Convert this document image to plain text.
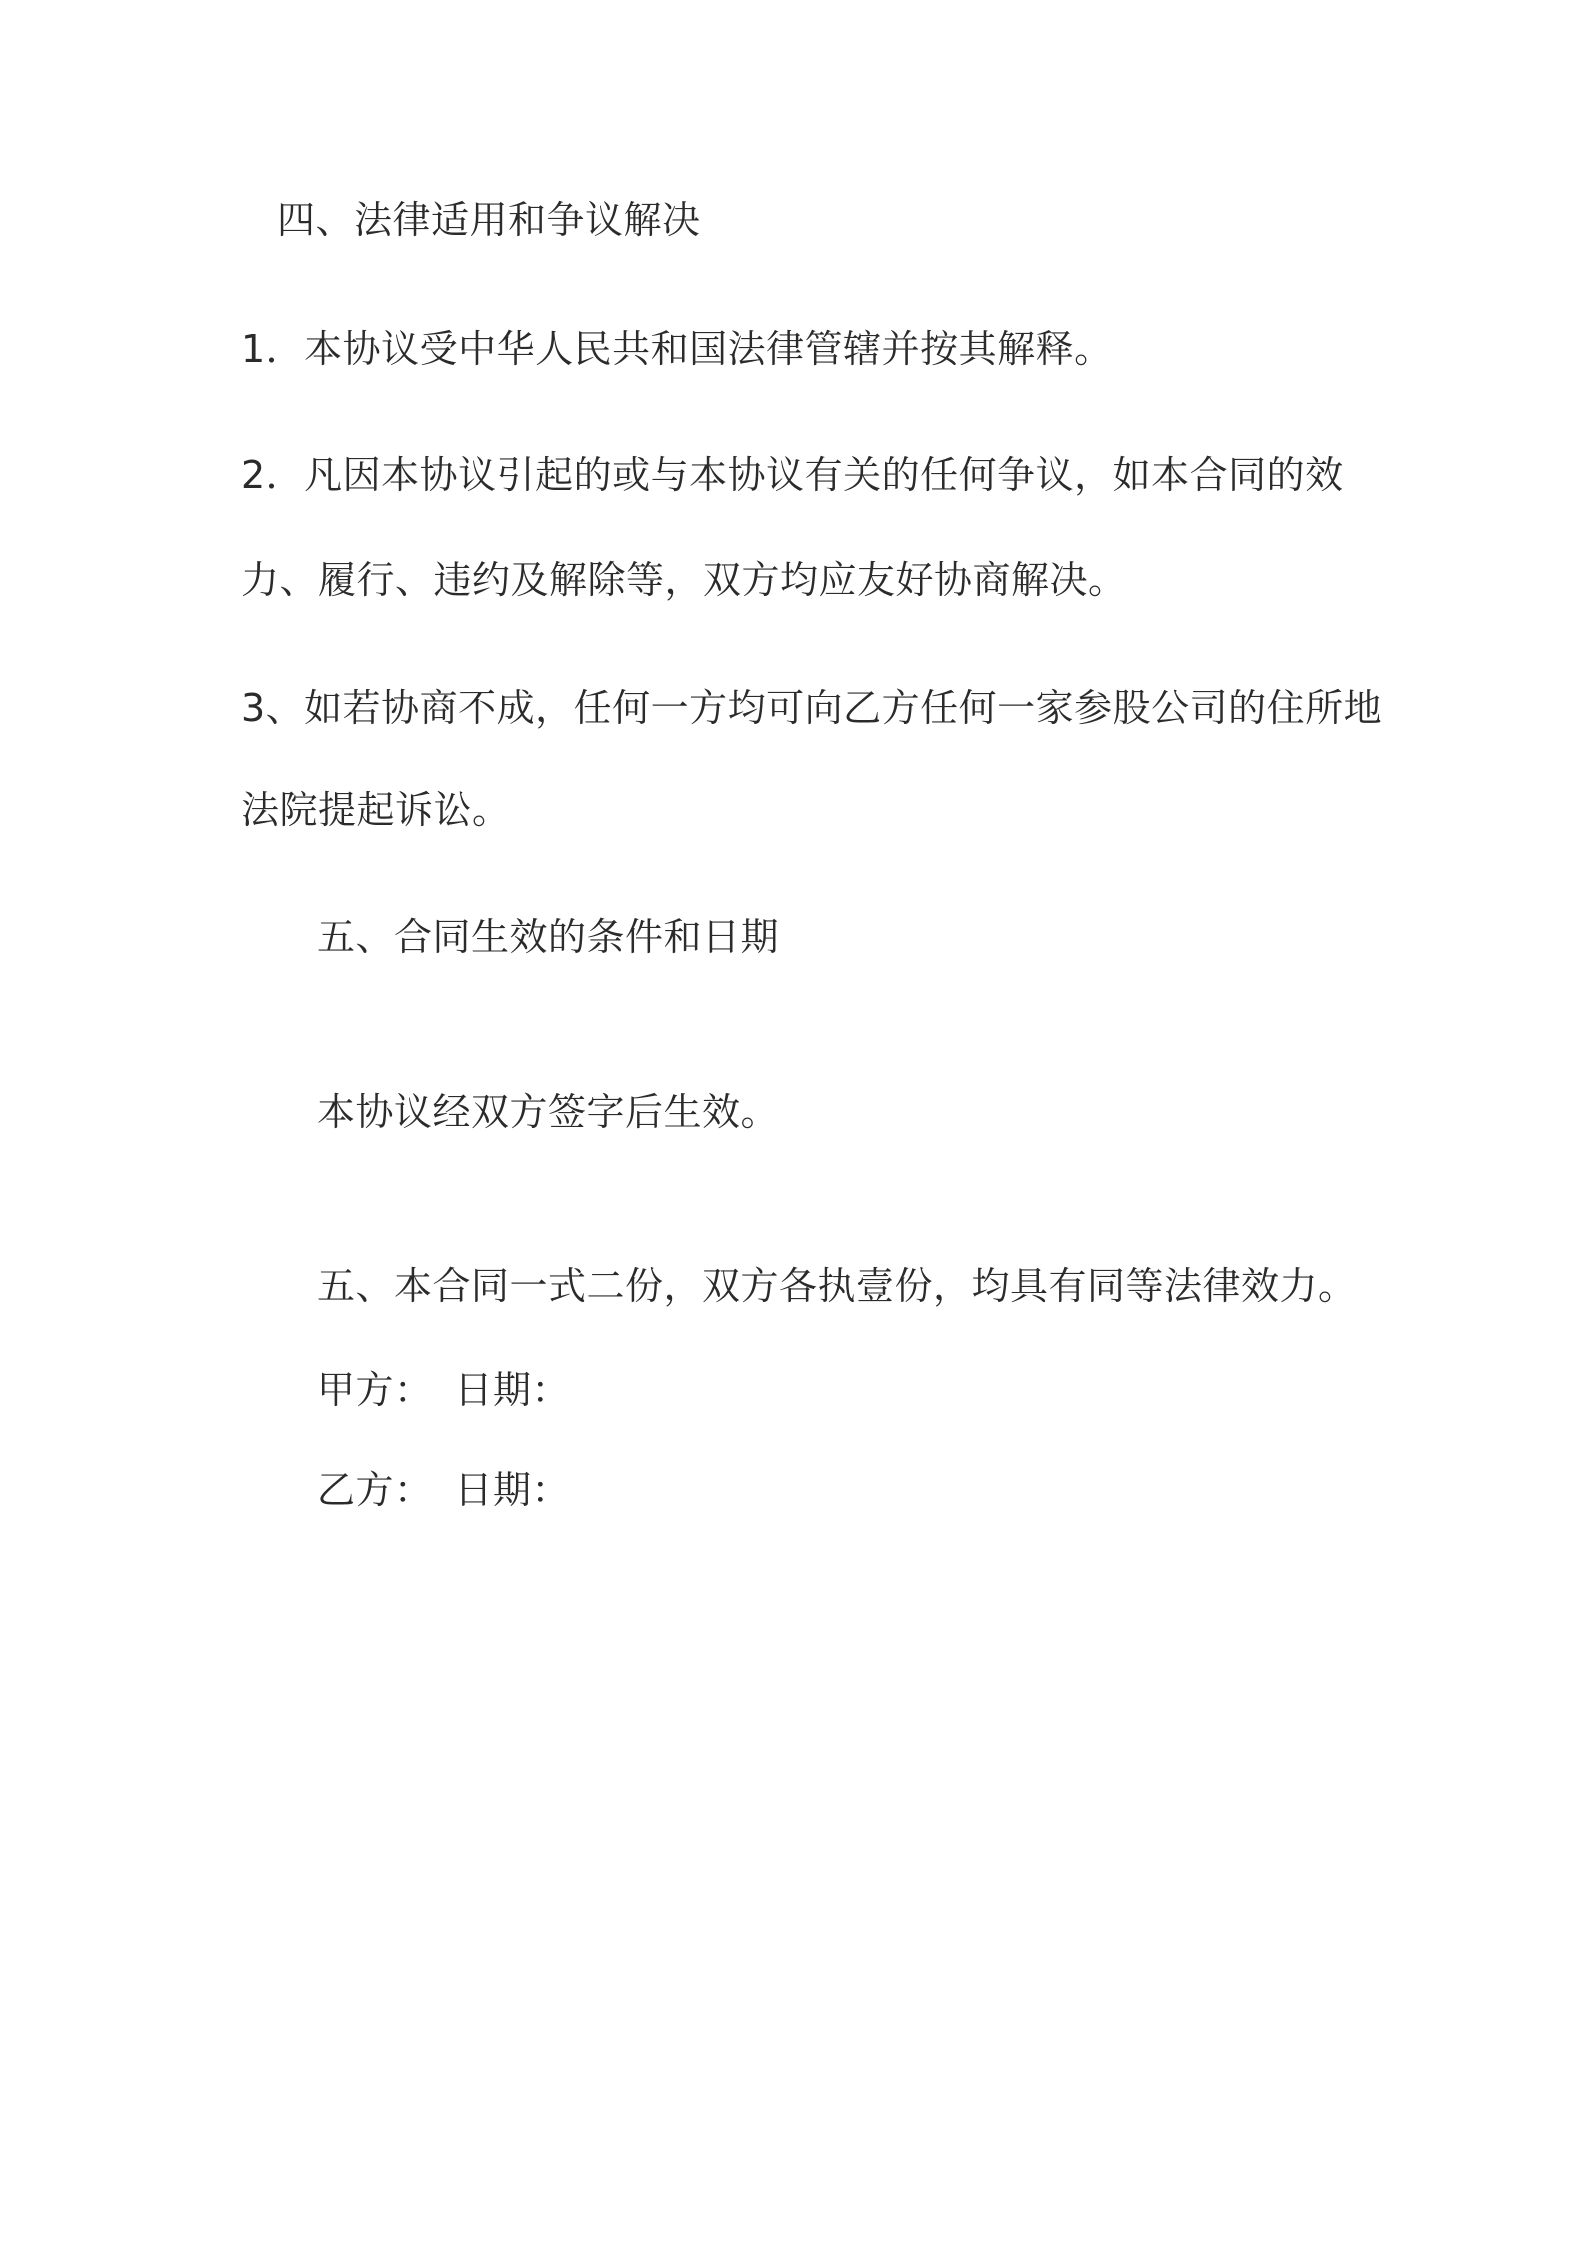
四、法律适用和争议解决
1．本协议受中华人民共和国法律管辖并按其解释。
2．凡因本协议引起的或与本协议有关的任何争议，如本合同的效
力、履行、违约及解除等，双方均应友好协商解决。
3、如若协商不成，任何一方均可向乙方任何一家参股公司的住所地
法院提起诉讼。
五、合同生效的条件和日期
本协议经双方签字后生效。
五、本合同一式二份，双方各执壹份，均具有同等法律效力。
甲方： 日期：
乙方： 日期：
